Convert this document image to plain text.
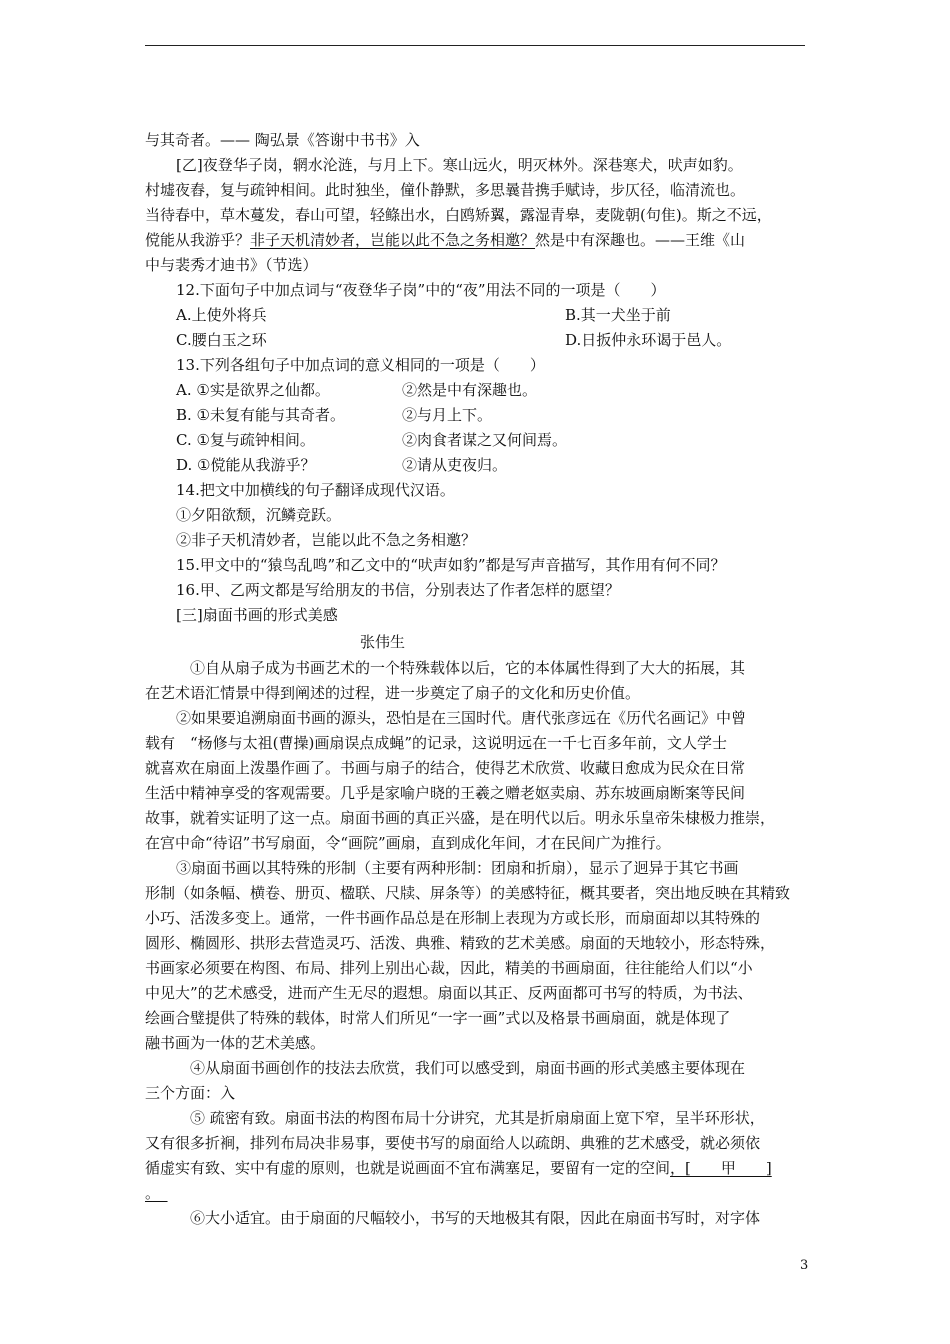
与其奇者。—— 陶弘景《答谢中书书》入
[乙]夜登华子岗，辋水沦涟，与月上下。寒山远火，明灭林外。深巷寒犬，吠声如豹。
村墟夜舂，复与疏钟相间。此时独坐，僮仆静默，多思曩昔携手赋诗，步仄径，临清流也。
当待春中，草木蔓发，春山可望，轻鲦出水，白鸥矫翼，露湿青皋，麦陇朝(句隹)。斯之不远，
傥能从我游乎？非子天机清妙者，岂能以此不急之务相邀？然是中有深趣也。——王维《山
中与裴秀才迪书》（节选）
12.下面句子中加点词与“夜登华子岗”中的“夜”用法不同的一项是（　　）
A.上使外将兵	B.其一犬坐于前
C.腰白玉之环	D.日扳仲永环谒于邑人。
13.下列各组句子中加点词的意义相同的一项是（　　）
A. ①实是欲界之仙都。	②然是中有深趣也。
B. ①未复有能与其奇者。	②与月上下。
C. ①复与疏钟相间。	②肉食者谋之又何间焉。
D. ①傥能从我游乎？	②请从吏夜归。
14.把文中加横线的句子翻译成现代汉语。
①夕阳欲颓，沉鳞竞跃。
②非子天机清妙者，岂能以此不急之务相邀？
15.甲文中的“猿鸟乱鸣”和乙文中的“吠声如豹”都是写声音描写，其作用有何不同？
16.甲、乙两文都是写给朋友的书信，分别表达了作者怎样的愿望？
[三]扇面书画的形式美感
张伟生
①自从扇子成为书画艺术的一个特殊载体以后，它的本体属性得到了大大的拓展，其
在艺术语汇情景中得到阐述的过程，进一步奠定了扇子的文化和历史价值。
②如果要追溯扇面书画的源头，恐怕是在三国时代。唐代张彦远在《历代名画记》中曾
载有　“杨修与太祖(曹操)画扇误点成蝇”的记录，这说明远在一千七百多年前，文人学士
就喜欢在扇面上泼墨作画了。书画与扇子的结合，使得艺术欣赏、收藏日愈成为民众在日常
生活中精神享受的客观需要。几乎是家喻户晓的王羲之赠老妪卖扇、苏东坡画扇断案等民间
故事，就着实证明了这一点。扇面书画的真正兴盛，是在明代以后。明永乐皇帝朱棣极力推崇，
在宫中命“待诏”书写扇面，令“画院”画扇，直到成化年间，才在民间广为推行。
③扇面书画以其特殊的形制（主要有两种形制：团扇和折扇），显示了迥异于其它书画
形制（如条幅、横卷、册页、楹联、尺牍、屏条等）的美感特征，概其要者，突出地反映在其精致
小巧、活泼多变上。通常，一件书画作品总是在形制上表现为方或长形，而扇面却以其特殊的
圆形、椭圆形、拱形去营造灵巧、活泼、典雅、精致的艺术美感。扇面的天地较小，形态特殊，
书画家必须要在构图、布局、排列上别出心裁，因此，精美的书画扇面，往往能给人们以“小
中见大”的艺术感受，进而产生无尽的遐想。扇面以其正、反两面都可书写的特质，为书法、
绘画合璧提供了特殊的载体，时常人们所见“一字一画”式以及格景书画扇面，就是体现了
融书画为一体的艺术美感。
④从扇面书画创作的技法去欣赏，我们可以感受到，扇面书画的形式美感主要体现在
三个方面：入
⑤ 疏密有致。扇面书法的构图布局十分讲究，尤其是折扇扇面上宽下窄，呈半环形状，
又有很多折裥，排列布局决非易事，要使书写的扇面给人以疏朗、典雅的艺术感受，就必须依
循虚实有致、实中有虚的原则，也就是说画面不宜布满塞足，要留有一定的空间，[　　甲　　]
。　
⑥大小适宜。由于扇面的尺幅较小，书写的天地极其有限，因此在扇面书写时，对字体
3
